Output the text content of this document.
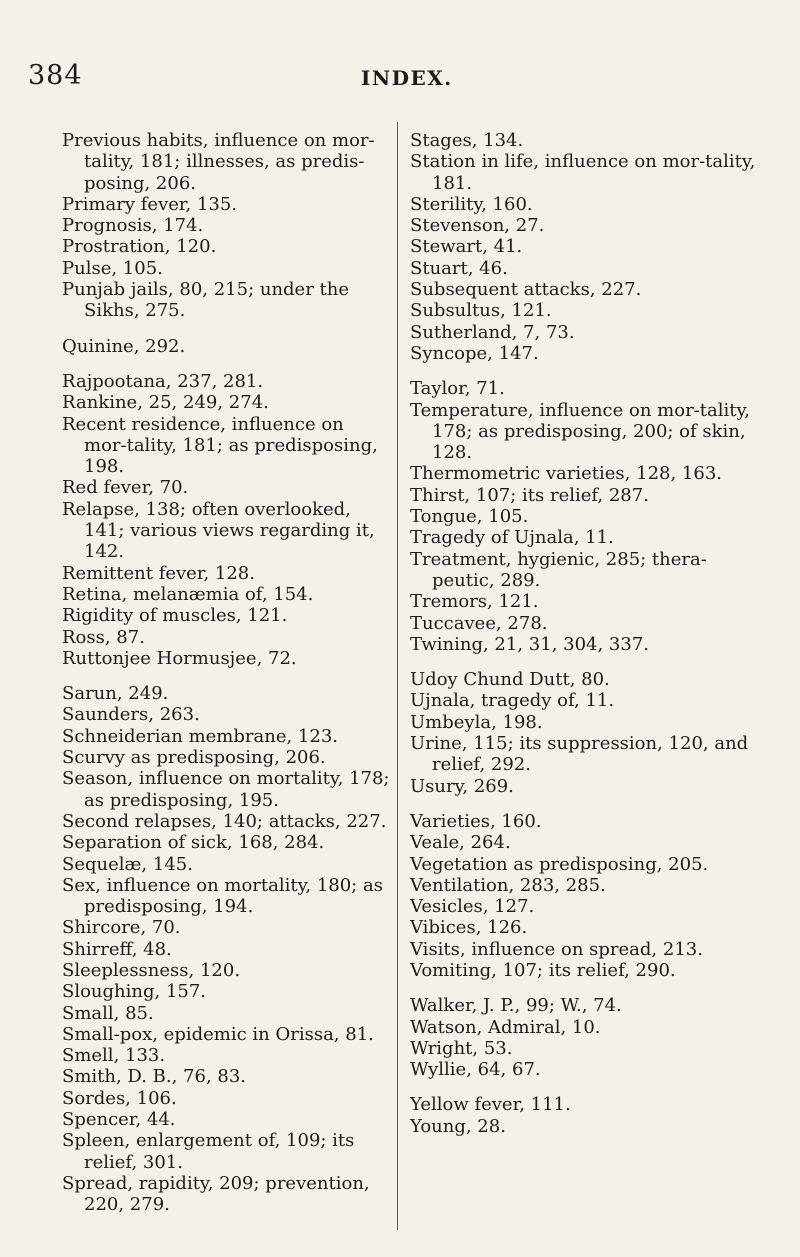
384	INDEX.

Previous habits, influence on mor-tality, 181; illnesses, as predis-posing, 206.

Primary fever, 135.

Prognosis, 174.

Prostration, 120.

Pulse, 105.

Punjab jails, 80, 215; under the Sikhs, 275.

Quinine, 292.

Rajpootana, 237, 281.

Rankine, 25, 249, 274.

Recent residence, influence on mor-tality, 181; as predisposing, 198.

Red fever, 70.

Relapse, 138; often overlooked, 141; various views regarding it, 142.

Remittent fever, 128.

Retina, melanæmia of, 154.

Rigidity of muscles, 121.

Ross, 87.

Ruttonjee Hormusjee, 72.

Sarun, 249.

Saunders, 263.

Schneiderian membrane, 123.

Scurvy as predisposing, 206.

Season, influence on mortality, 178; as predisposing, 195.

Second relapses, 140; attacks, 227.

Separation of sick, 168, 284.

Sequelæ, 145.

Sex, influence on mortality, 180; as predisposing, 194.

Shircore, 70.

Shirreff, 48.

Sleeplessness, 120.

Sloughing, 157.

Small, 85.

Small-pox, epidemic in Orissa, 81.

Smell, 133.

Smith, D. B., 76, 83.

Sordes, 106.

Spencer, 44.

Spleen, enlargement of, 109; its relief, 301.

Spread, rapidity, 209; prevention, 220, 279.

Stages, 134.

Station in life, influence on mor-tality, 181.

Sterility, 160.

Stevenson, 27.

Stewart, 41.

Stuart, 46.

Subsequent attacks, 227.

Subsultus, 121.

Sutherland, 7, 73.

Syncope, 147.

Taylor, 71.

Temperature, influence on mor-tality, 178; as predisposing, 200; of skin, 128.

Thermometric varieties, 128, 163.

Thirst, 107; its relief, 287.

Tongue, 105.

Tragedy of Ujnala, 11.

Treatment, hygienic, 285; thera-peutic, 289.

Tremors, 121.

Tuccavee, 278.

Twining, 21, 31, 304, 337.

Udoy Chund Dutt, 80.

Ujnala, tragedy of, 11.

Umbeyla, 198.

Urine, 115; its suppression, 120, and relief, 292.

Usury, 269.

Varieties, 160.

Veale, 264.

Vegetation as predisposing, 205.

Ventilation, 283, 285.

Vesicles, 127.

Vibices, 126.

Visits, influence on spread, 213.

Vomiting, 107; its relief, 290.

Walker, J. P., 99; W., 74.

Watson, Admiral, 10.

Wright, 53.

Wyllie, 64, 67.

Yellow fever, 111.

Young, 28.
